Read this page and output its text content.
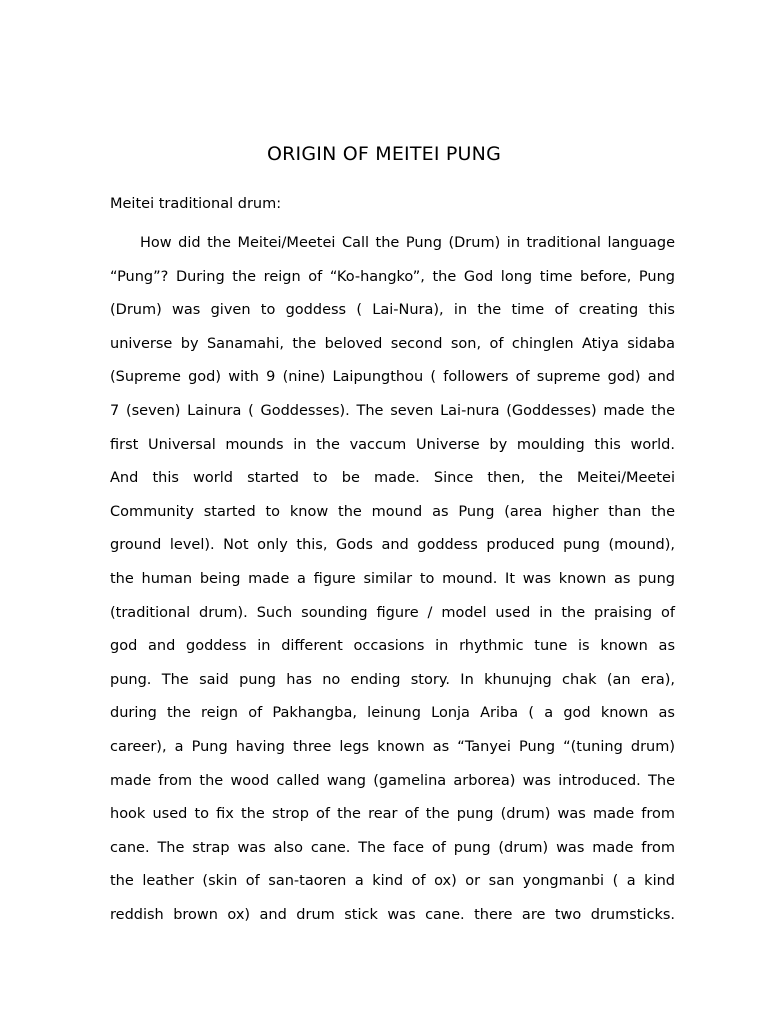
ORIGIN OF MEITEI PUNG

Meitei traditional drum:

How did the Meitei/Meetei Call the Pung (Drum) in traditional language
“Pung”? During the reign of “Ko-hangko”, the God long time before, Pung
(Drum) was given to goddess ( Lai-Nura), in the time of creating this
universe by Sanamahi, the beloved second son, of chinglen Atiya sidaba
(Supreme god) with 9 (nine) Laipungthou ( followers of supreme god) and
7 (seven) Lainura ( Goddesses). The seven Lai-nura (Goddesses) made the
first Universal mounds in the vaccum Universe by moulding this world.
And this world started to be made. Since then, the Meitei/Meetei
Community started to know the mound as Pung (area higher than the
ground level). Not only this, Gods and goddess produced pung (mound),
the human being made a figure similar to mound. It was known as pung
(traditional drum). Such sounding figure / model used in the praising of
god and goddess in different occasions in rhythmic tune is known as
pung. The said pung has no ending story. In khunujng chak (an era),
during the reign of Pakhangba, leinung Lonja Ariba ( a god known as
career), a Pung having three legs known as “Tanyei Pung “(tuning drum)
made from the wood called wang (gamelina arborea) was introduced. The
hook used to fix the strop of the rear of the pung (drum) was made from
cane. The strap was also cane. The face of pung (drum) was made from
the leather (skin of san-taoren a kind of ox) or san yongmanbi ( a kind
reddish brown ox) and drum stick was cane. there are two drumsticks.
